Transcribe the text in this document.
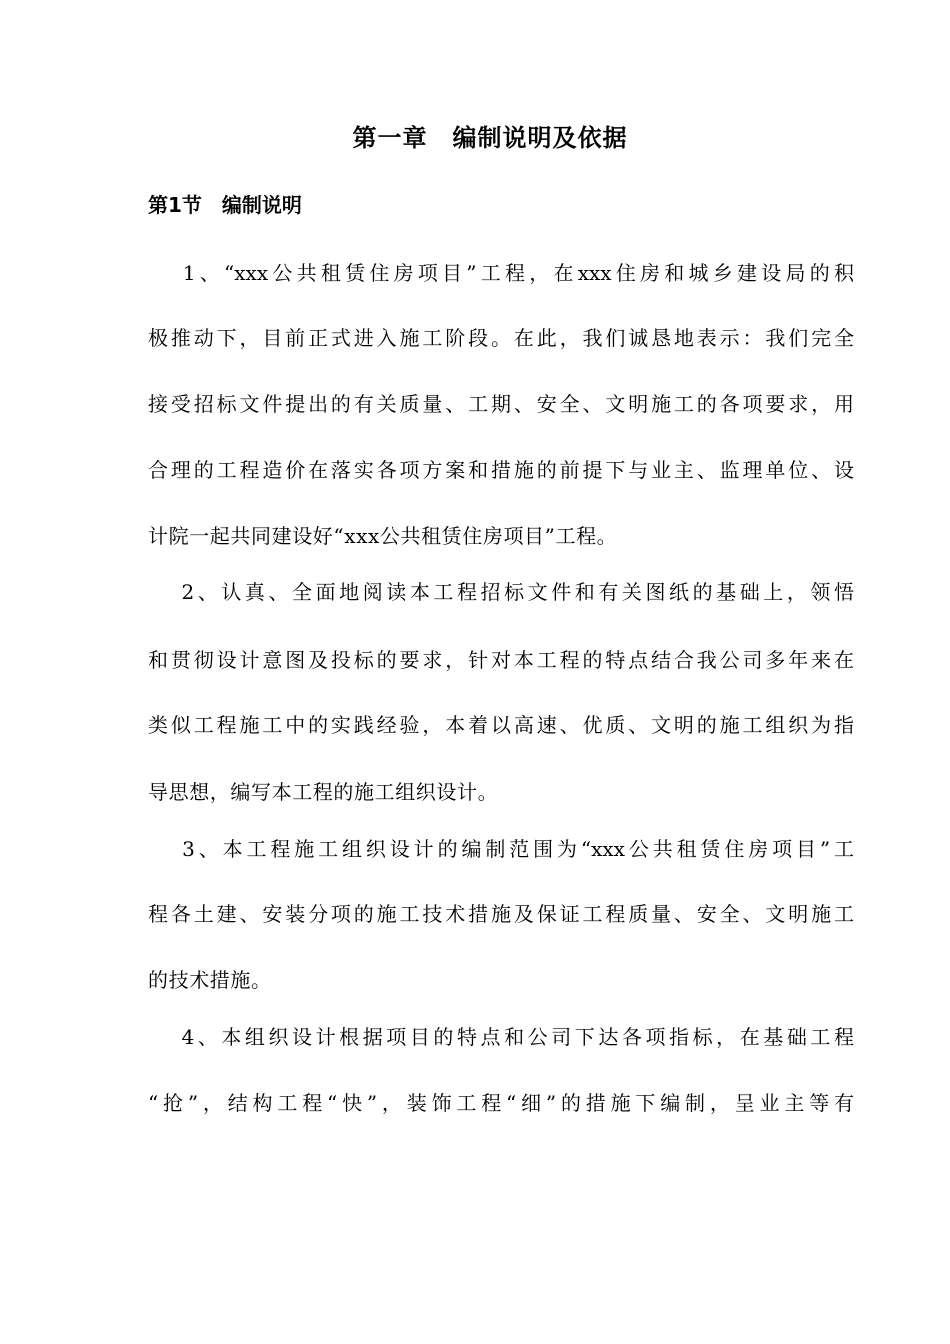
第一章　编制说明及依据
第1节　编制说明
　 1、“xxx公共租赁住房项目”工程，在xxx住房和城乡建设局的积
极推动下，目前正式进入施工阶段。在此，我们诚恳地表示：我们完全
接受招标文件提出的有关质量、工期、安全、文明施工的各项要求，用
合理的工程造价在落实各项方案和措施的前提下与业主、监理单位、设
计院一起共同建设好“xxx公共租赁住房项目”工程。
　 2、认真、全面地阅读本工程招标文件和有关图纸的基础上，领悟
和贯彻设计意图及投标的要求，针对本工程的特点结合我公司多年来在
类似工程施工中的实践经验，本着以高速、优质、文明的施工组织为指
导思想，编写本工程的施工组织设计。
　 3、本工程施工组织设计的编制范围为“xxx公共租赁住房项目”工
程各土建、安装分项的施工技术措施及保证工程质量、安全、文明施工
的技术措施。
　 4、本组织设计根据项目的特点和公司下达各项指标，在基础工程
“抢”，结构工程“快”，装饰工程“细”的措施下编制，呈业主等有
